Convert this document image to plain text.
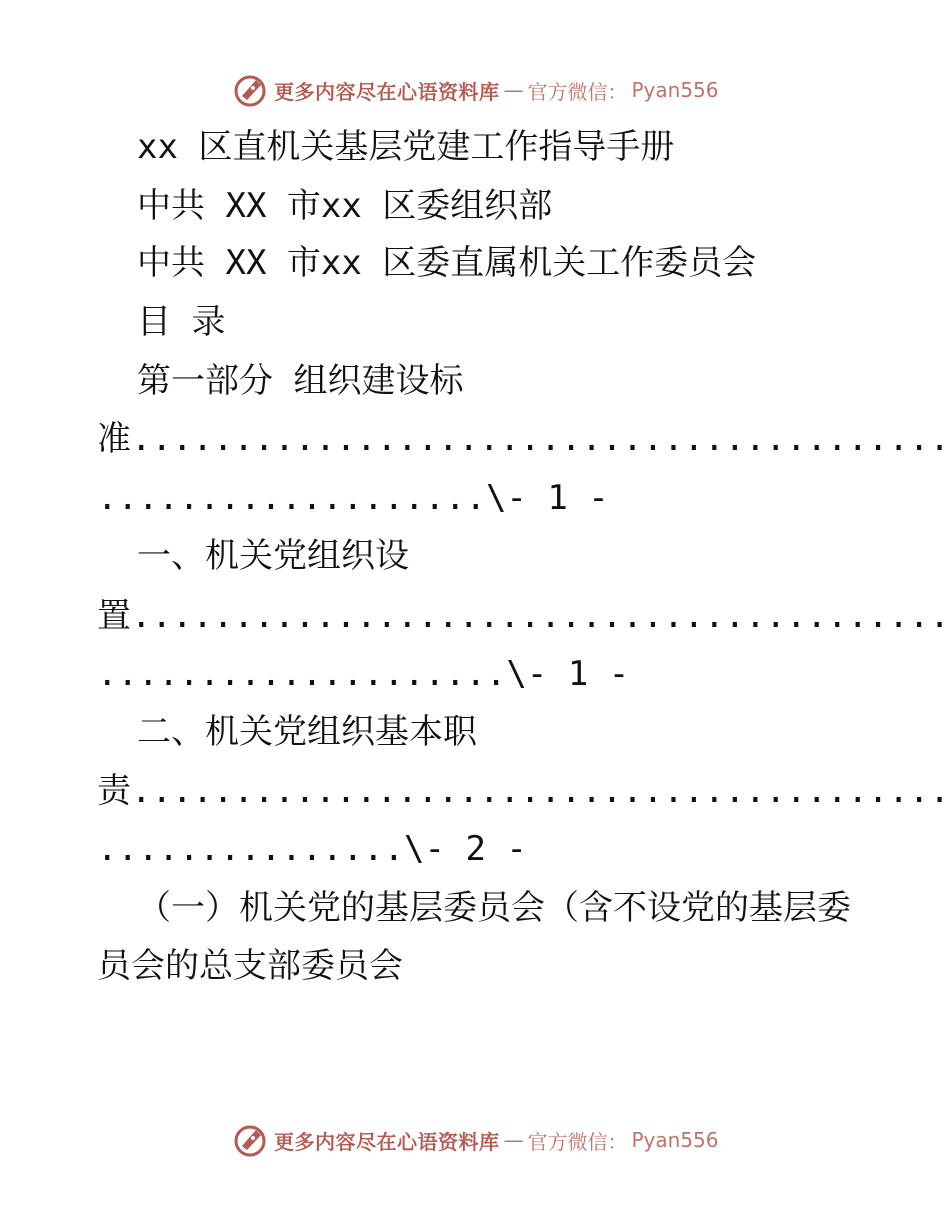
更多内容尽在心语资料库 — 官方微信： Pyan556
xx 区直机关基层党建工作指导手册
中共 XX 市xx 区委组织部
中共 XX 市xx 区委直属机关工作委员会
目 录
第一部分 组织建设标
准........................................
...................\- 1 -
一、机关党组织设
置........................................
....................\- 1 -
二、机关党组织基本职
责........................................
...............\- 2 -
（一）机关党的基层委员会（含不设党的基层委
员会的总支部委员会
更多内容尽在心语资料库 — 官方微信： Pyan556
